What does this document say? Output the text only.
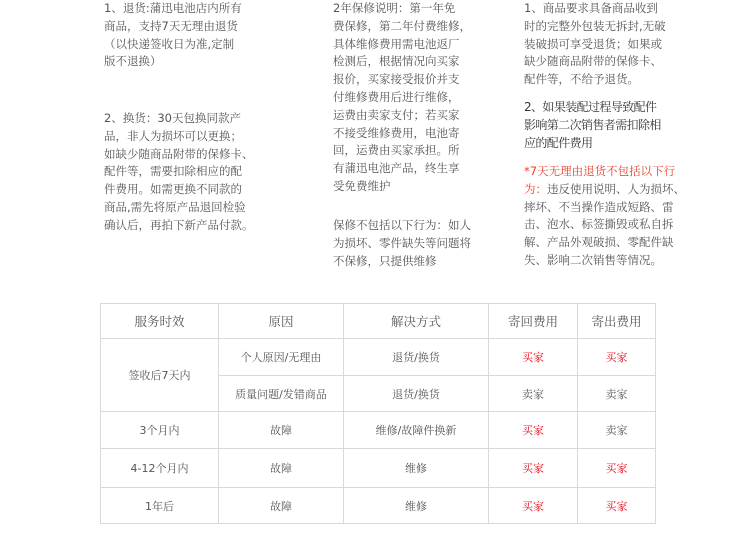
1、退货:蒲迅电池店内所有
商品，支持7天无理由退货
（以快递签收日为准,定制
版不退换）

2、换货：30天包换同款产
品，非人为损坏可以更换；
如缺少随商品附带的保修卡、
配件等，需要扣除相应的配
件费用。如需更换不同款的
商品,需先将原产品退回检验
确认后，再拍下新产品付款。

2年保修说明：第一年免
费保修，第二年付费维修，
具体维修费用需电池返厂
检测后，根据情况向买家
报价，买家接受报价并支
付维修费用后进行维修，
运费由卖家支付；若买家
不接受维修费用，电池寄
回，运费由买家承担。所
有蒲迅电池产品，终生享
受免费维护

保修不包括以下行为：如人
为损坏、零件缺失等问题将
不保修，只提供维修

1、商品要求具备商品收到
时的完整外包装无拆封,无破
装破损可享受退货；如果或
缺少随商品附带的保修卡、
配件等，不给予退货。

2、如果装配过程导致配件
影响第二次销售者需扣除相
应的配件费用

*7天无理由退货不包括以下行
为：违反使用说明、人为损坏、
摔坏、不当操作造成短路、雷
击、泡水、标签撕毁或私自拆
解、产品外观破损、零配件缺
失、影响二次销售等情况。

服务时效	原因	解决方式	寄回费用	寄出费用
签收后7天内	个人原因/无理由	退货/换货	买家	买家
	质量问题/发错商品	退货/换货	卖家	卖家
3个月内	故障	维修/故障件换新	买家	卖家
4-12个月内	故障	维修	买家	买家
1年后	故障	维修	买家	买家
